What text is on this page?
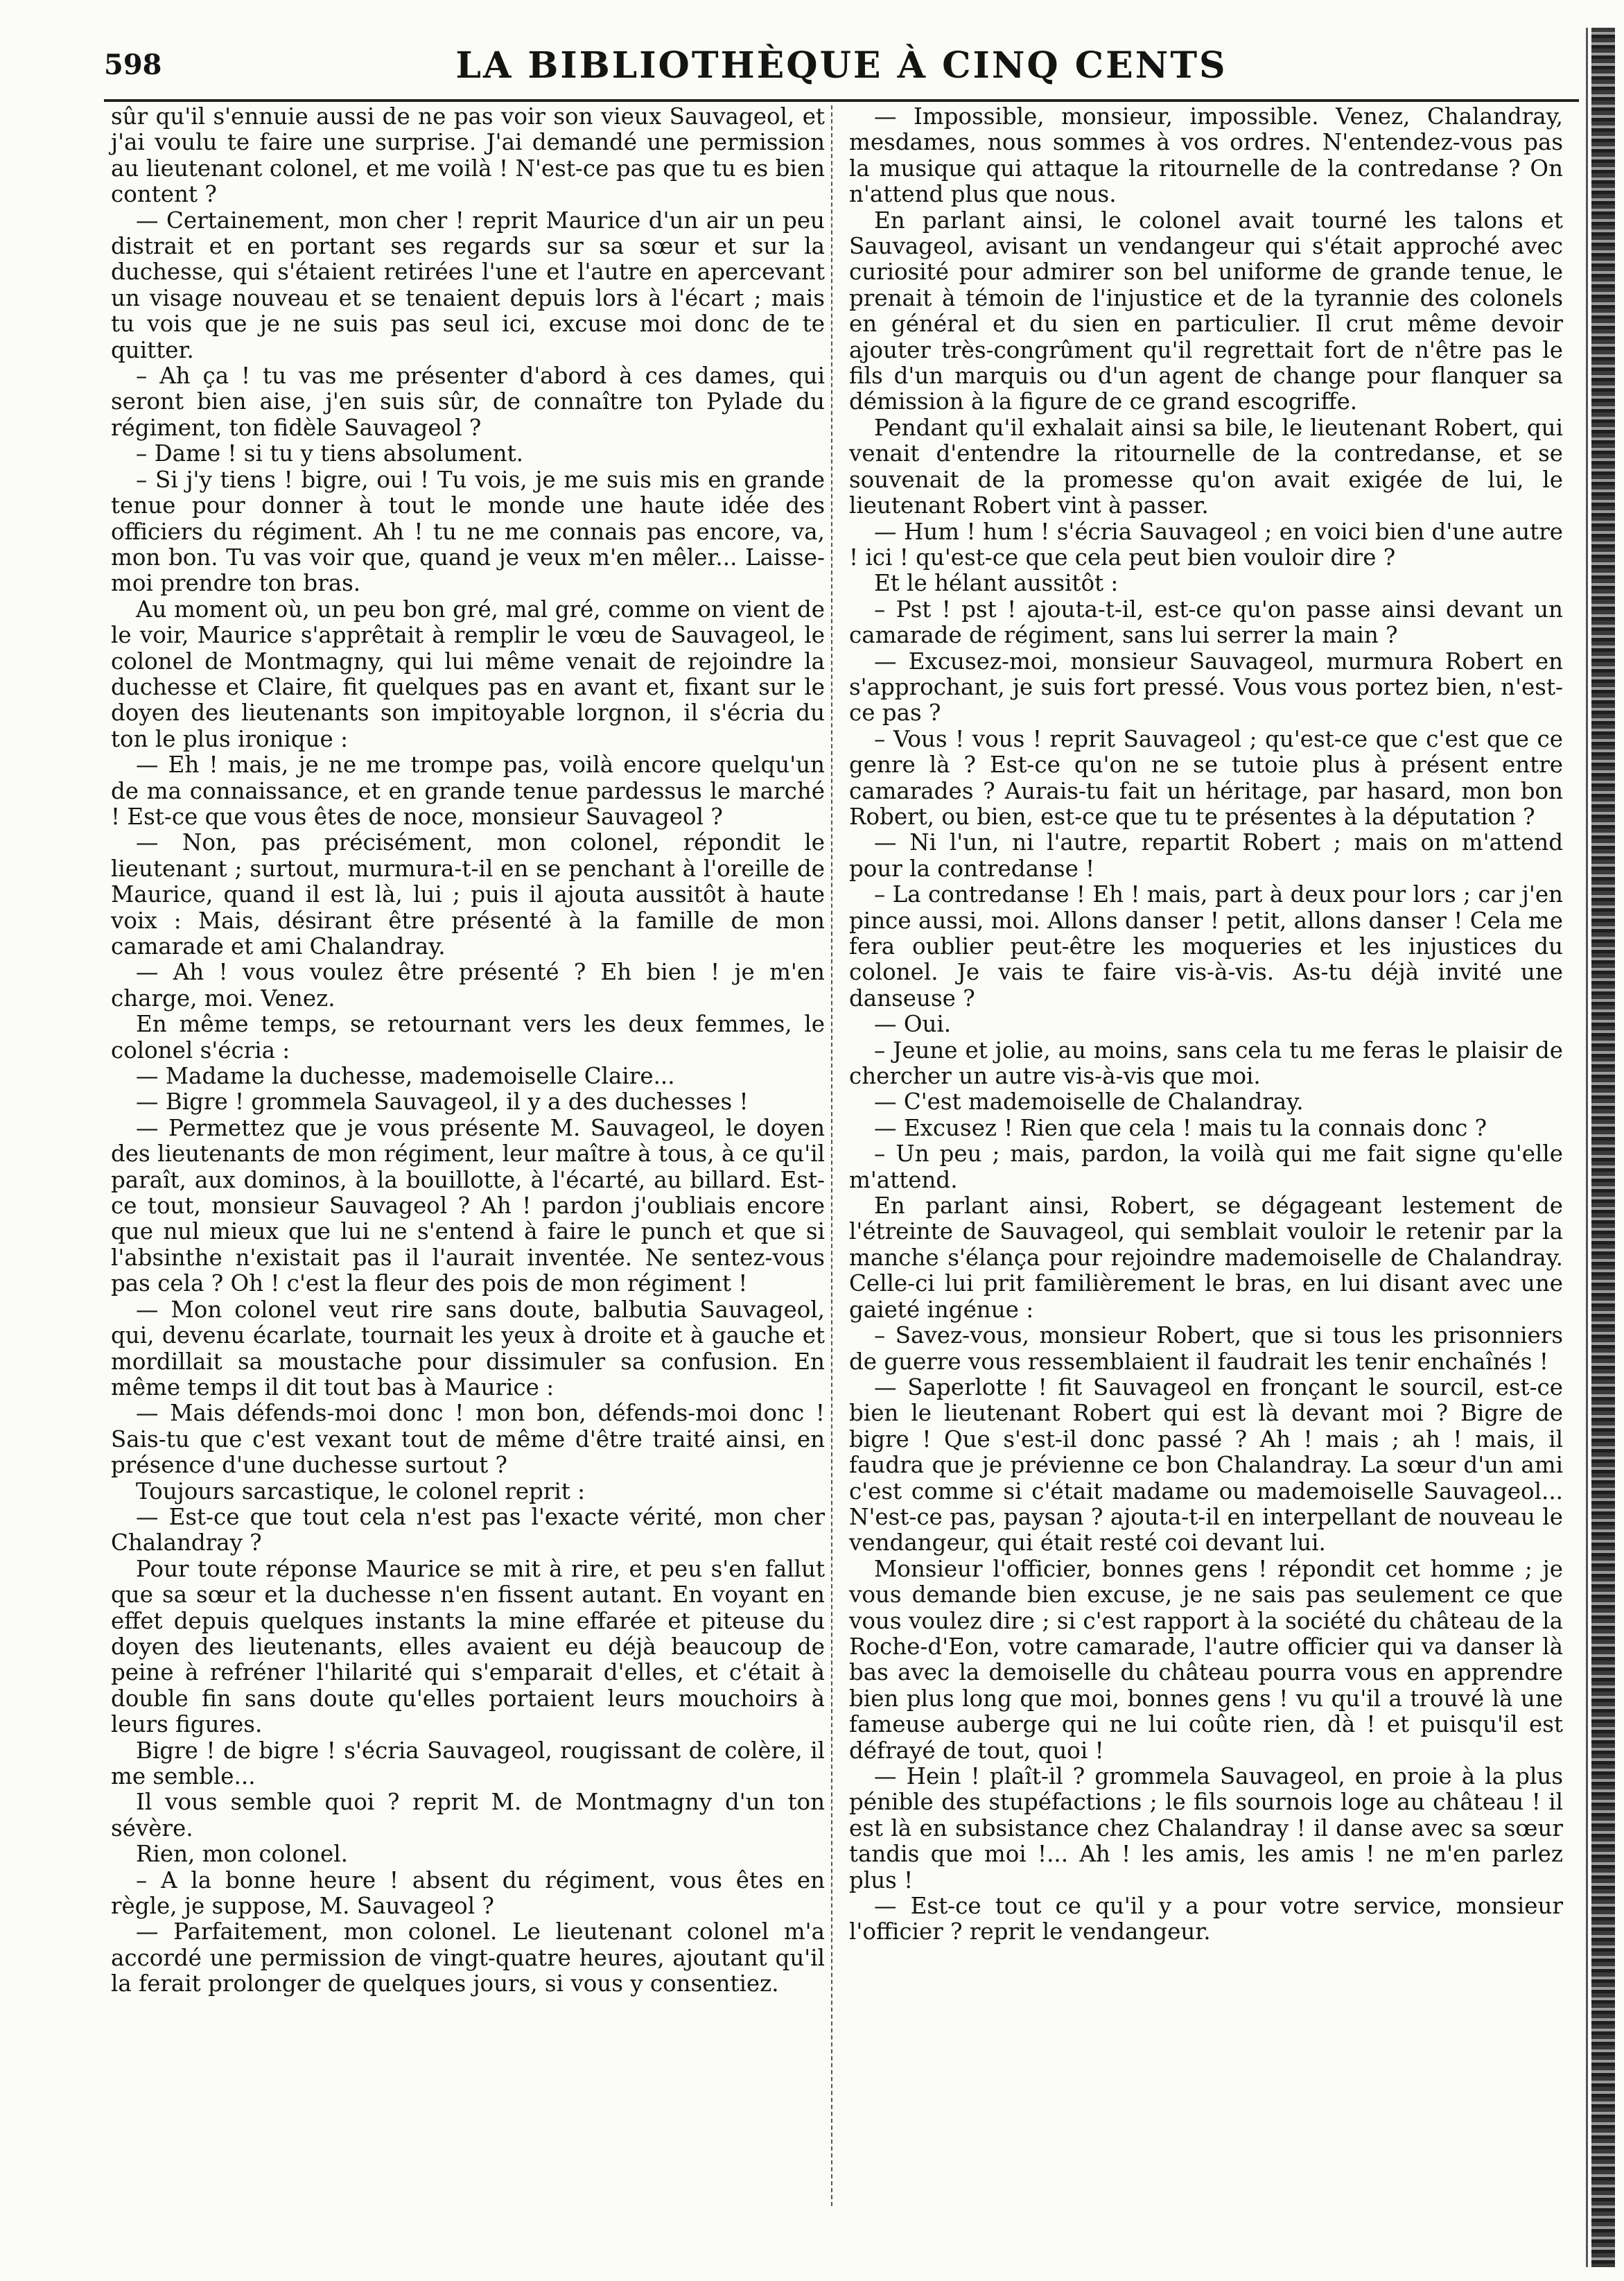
598	LA BIBLIOTHÈQUE À CINQ CENTS

sûr qu'il s'ennuie aussi de ne pas voir son vieux Sauvageol, et j'ai voulu te faire une surprise. J'ai demandé une permission au lieutenant colonel, et me voilà ! N'est-ce pas que tu es bien content ?

— Certainement, mon cher ! reprit Maurice d'un air un peu distrait et en portant ses regards sur sa sœur et sur la duchesse, qui s'étaient retirées l'une et l'autre en apercevant un visage nouveau et se tenaient depuis lors à l'écart ; mais tu vois que je ne suis pas seul ici, excuse moi donc de te quitter.

– Ah ça ! tu vas me présenter d'abord à ces dames, qui seront bien aise, j'en suis sûr, de connaître ton Pylade du régiment, ton fidèle Sauvageol ?

– Dame ! si tu y tiens absolument.

– Si j'y tiens ! bigre, oui ! Tu vois, je me suis mis en grande tenue pour donner à tout le monde une haute idée des officiers du régiment. Ah ! tu ne me connais pas encore, va, mon bon. Tu vas voir que, quand je veux m'en mêler... Laisse-moi prendre ton bras.

Au moment où, un peu bon gré, mal gré, comme on vient de le voir, Maurice s'apprêtait à remplir le vœu de Sauvageol, le colonel de Montmagny, qui lui même venait de rejoindre la duchesse et Claire, fit quelques pas en avant et, fixant sur le doyen des lieutenants son impitoyable lorgnon, il s'écria du ton le plus ironique :

— Eh ! mais, je ne me trompe pas, voilà encore quelqu'un de ma connaissance, et en grande tenue pardessus le marché ! Est-ce que vous êtes de noce, monsieur Sauvageol ?

— Non, pas précisément, mon colonel, répondit le lieutenant ; surtout, murmura-t-il en se penchant à l'oreille de Maurice, quand il est là, lui ; puis il ajouta aussitôt à haute voix : Mais, désirant être présenté à la famille de mon camarade et ami Chalandray.

— Ah ! vous voulez être présenté ? Eh bien ! je m'en charge, moi. Venez.

En même temps, se retournant vers les deux femmes, le colonel s'écria :

— Madame la duchesse, mademoiselle Claire...

— Bigre ! grommela Sauvageol, il y a des duchesses !

— Permettez que je vous présente M. Sauvageol, le doyen des lieutenants de mon régiment, leur maître à tous, à ce qu'il paraît, aux dominos, à la bouillotte, à l'écarté, au billard. Est-ce tout, monsieur Sauvageol ? Ah ! pardon j'oubliais encore que nul mieux que lui ne s'entend à faire le punch et que si l'absinthe n'existait pas il l'aurait inventée. Ne sentez-vous pas cela ? Oh ! c'est la fleur des pois de mon régiment !

— Mon colonel veut rire sans doute, balbutia Sauvageol, qui, devenu écarlate, tournait les yeux à droite et à gauche et mordillait sa moustache pour dissimuler sa confusion. En même temps il dit tout bas à Maurice :

— Mais défends-moi donc ! mon bon, défends-moi donc ! Sais-tu que c'est vexant tout de même d'être traité ainsi, en présence d'une duchesse surtout ?

Toujours sarcastique, le colonel reprit :

— Est-ce que tout cela n'est pas l'exacte vérité, mon cher Chalandray ?

Pour toute réponse Maurice se mit à rire, et peu s'en fallut que sa sœur et la duchesse n'en fissent autant. En voyant en effet depuis quelques instants la mine effarée et piteuse du doyen des lieutenants, elles avaient eu déjà beaucoup de peine à refréner l'hilarité qui s'emparait d'elles, et c'était à double fin sans doute qu'elles portaient leurs mouchoirs à leurs figures.

Bigre ! de bigre ! s'écria Sauvageol, rougissant de colère, il me semble...

Il vous semble quoi ? reprit M. de Montmagny d'un ton sévère.

Rien, mon colonel.

– A la bonne heure ! absent du régiment, vous êtes en règle, je suppose, M. Sauvageol ?

— Parfaitement, mon colonel. Le lieutenant colonel m'a accordé une permission de vingt-quatre heures, ajoutant qu'il la ferait prolonger de quelques jours, si vous y consentiez.

— Impossible, monsieur, impossible. Venez, Chalandray, mesdames, nous sommes à vos ordres. N'entendez-vous pas la musique qui attaque la ritournelle de la contredanse ? On n'attend plus que nous.

En parlant ainsi, le colonel avait tourné les talons et Sauvageol, avisant un vendangeur qui s'était approché avec curiosité pour admirer son bel uniforme de grande tenue, le prenait à témoin de l'injustice et de la tyrannie des colonels en général et du sien en particulier. Il crut même devoir ajouter très-congrûment qu'il regrettait fort de n'être pas le fils d'un marquis ou d'un agent de change pour flanquer sa démission à la figure de ce grand escogriffe.

Pendant qu'il exhalait ainsi sa bile, le lieutenant Robert, qui venait d'entendre la ritournelle de la contredanse, et se souvenait de la promesse qu'on avait exigée de lui, le lieutenant Robert vint à passer.

— Hum ! hum ! s'écria Sauvageol ; en voici bien d'une autre ! ici ! qu'est-ce que cela peut bien vouloir dire ?

Et le hélant aussitôt :

– Pst ! pst ! ajouta-t-il, est-ce qu'on passe ainsi devant un camarade de régiment, sans lui serrer la main ?

— Excusez-moi, monsieur Sauvageol, murmura Robert en s'approchant, je suis fort pressé. Vous vous portez bien, n'est-ce pas ?

– Vous ! vous ! reprit Sauvageol ; qu'est-ce que c'est que ce genre là ? Est-ce qu'on ne se tutoie plus à présent entre camarades ? Aurais-tu fait un héritage, par hasard, mon bon Robert, ou bien, est-ce que tu te présentes à la députation ?

— Ni l'un, ni l'autre, repartit Robert ; mais on m'attend pour la contredanse !

– La contredanse ! Eh ! mais, part à deux pour lors ; car j'en pince aussi, moi. Allons danser ! petit, allons danser ! Cela me fera oublier peut-être les moqueries et les injustices du colonel. Je vais te faire vis-à-vis. As-tu déjà invité une danseuse ?

— Oui.

– Jeune et jolie, au moins, sans cela tu me feras le plaisir de chercher un autre vis-à-vis que moi.

— C'est mademoiselle de Chalandray.

— Excusez ! Rien que cela ! mais tu la connais donc ?

– Un peu ; mais, pardon, la voilà qui me fait signe qu'elle m'attend.

En parlant ainsi, Robert, se dégageant lestement de l'étreinte de Sauvageol, qui semblait vouloir le retenir par la manche s'élança pour rejoindre mademoiselle de Chalandray. Celle-ci lui prit familièrement le bras, en lui disant avec une gaieté ingénue :

– Savez-vous, monsieur Robert, que si tous les prisonniers de guerre vous ressemblaient il faudrait les tenir enchaînés !

— Saperlotte ! fit Sauvageol en fronçant le sourcil, est-ce bien le lieutenant Robert qui est là devant moi ? Bigre de bigre ! Que s'est-il donc passé ? Ah ! mais ; ah ! mais, il faudra que je prévienne ce bon Chalandray. La sœur d'un ami c'est comme si c'était madame ou mademoiselle Sauvageol... N'est-ce pas, paysan ? ajouta-t-il en interpellant de nouveau le vendangeur, qui était resté coi devant lui.

Monsieur l'officier, bonnes gens ! répondit cet homme ; je vous demande bien excuse, je ne sais pas seulement ce que vous voulez dire ; si c'est rapport à la société du château de la Roche-d'Eon, votre camarade, l'autre officier qui va danser là bas avec la demoiselle du château pourra vous en apprendre bien plus long que moi, bonnes gens ! vu qu'il a trouvé là une fameuse auberge qui ne lui coûte rien, dà ! et puisqu'il est défrayé de tout, quoi !

— Hein ! plaît-il ? grommela Sauvageol, en proie à la plus pénible des stupéfactions ; le fils sournois loge au château ! il est là en subsistance chez Chalandray ! il danse avec sa sœur tandis que moi !... Ah ! les amis, les amis ! ne m'en parlez plus !

— Est-ce tout ce qu'il y a pour votre service, monsieur l'officier ? reprit le vendangeur.
